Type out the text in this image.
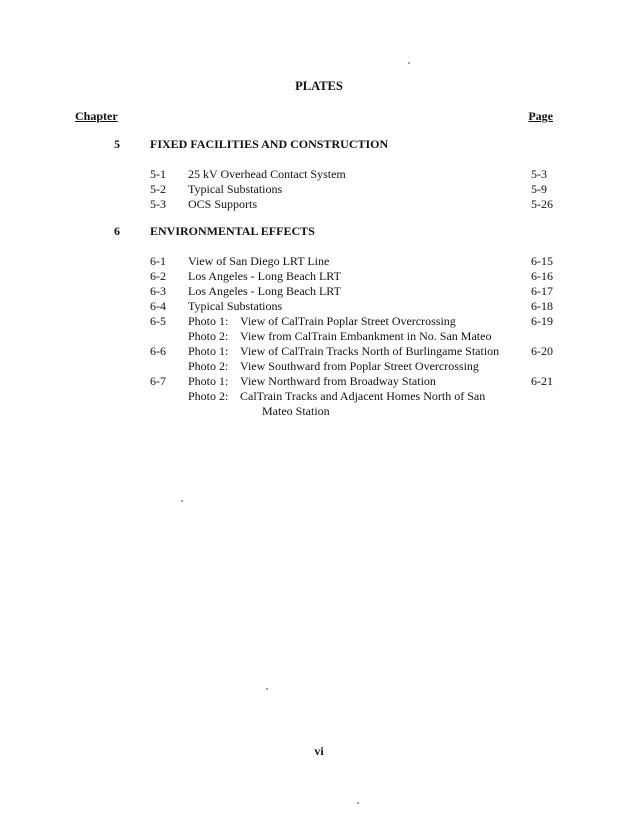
PLATES
Chapter	Page
5	FIXED FACILITIES AND CONSTRUCTION
5-1 25 kV Overhead Contact System	5-3
5-2 Typical Substations	5-9
5-3 OCS Supports	5-26
6	ENVIRONMENTAL EFFECTS
6-1 View of San Diego LRT Line	6-15
6-2 Los Angeles - Long Beach LRT	6-16
6-3 Los Angeles - Long Beach LRT	6-17
6-4 Typical Substations	6-18
6-5 Photo 1: View of CalTrain Poplar Street Overcrossing	6-19
Photo 2: View from CalTrain Embankment in No. San Mateo
6-6 Photo 1: View of CalTrain Tracks North of Burlingame Station	6-20
Photo 2: View Southward from Poplar Street Overcrossing
6-7 Photo 1: View Northward from Broadway Station	6-21
Photo 2: CalTrain Tracks and Adjacent Homes North of San
Mateo Station
vi
